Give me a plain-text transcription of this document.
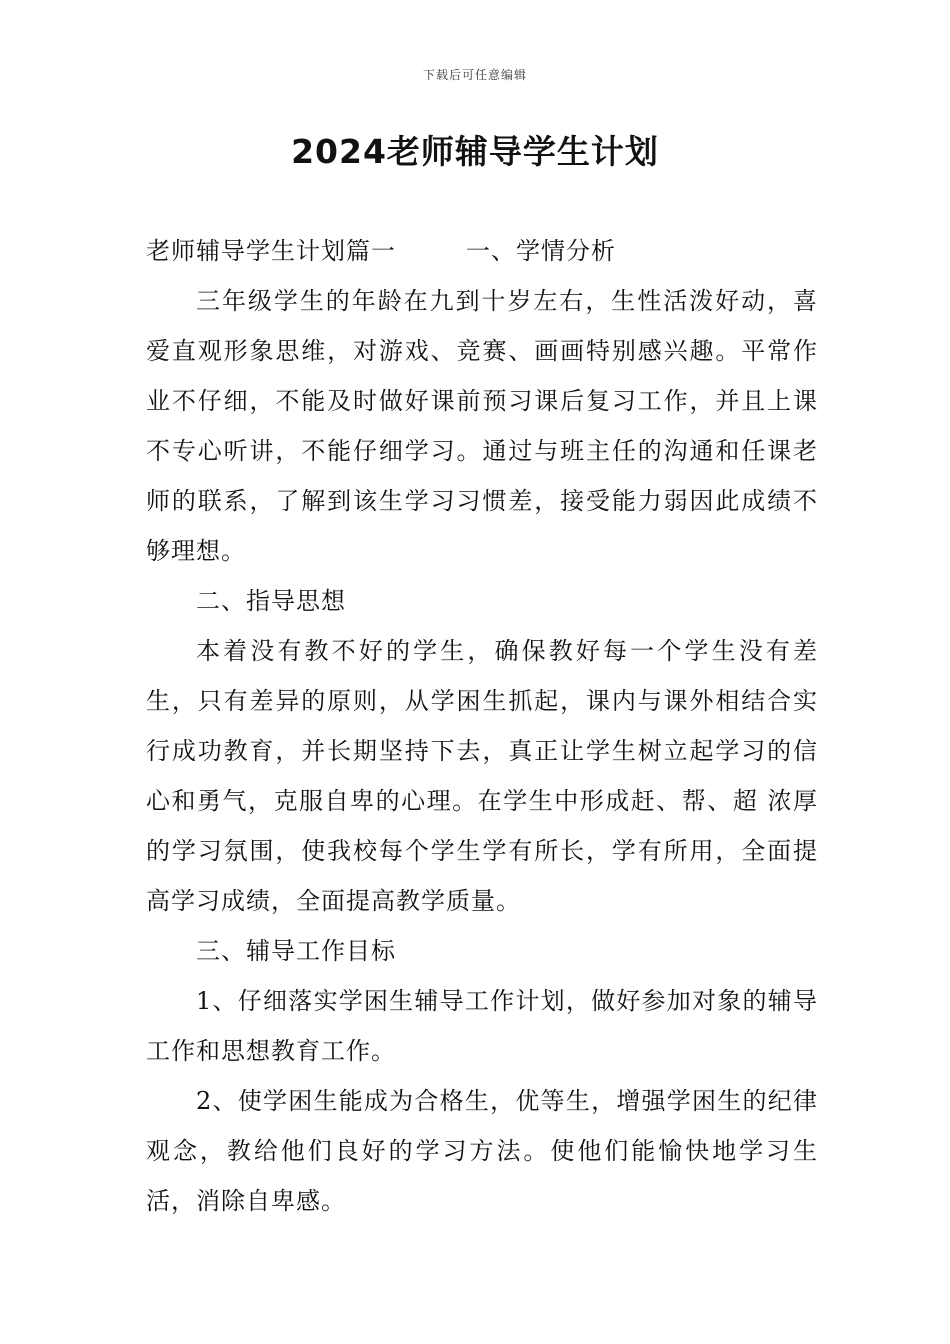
下载后可任意编辑
2024老师辅导学生计划

老师辅导学生计划篇一	一、学情分析

三年级学生的年龄在九到十岁左右，生性活泼好动，喜爱直观形象思维，对游戏、竞赛、画画特别感兴趣。平常作业不仔细，不能及时做好课前预习课后复习工作，并且上课不专心听讲，不能仔细学习。通过与班主任的沟通和任课老师的联系，了解到该生学习习惯差，接受能力弱因此成绩不够理想。

二、指导思想

本着没有教不好的学生，确保教好每一个学生没有差生，只有差异的原则，从学困生抓起，课内与课外相结合实行成功教育，并长期坚持下去，真正让学生树立起学习的信心和勇气，克服自卑的心理。在学生中形成赶、帮、超 浓厚的学习氛围，使我校每个学生学有所长，学有所用，全面提高学习成绩，全面提高教学质量。

三、辅导工作目标

1、仔细落实学困生辅导工作计划，做好参加对象的辅导工作和思想教育工作。

2、使学困生能成为合格生，优等生，增强学困生的纪律观念，教给他们良好的学习方法。使他们能愉快地学习生活，消除自卑感。
